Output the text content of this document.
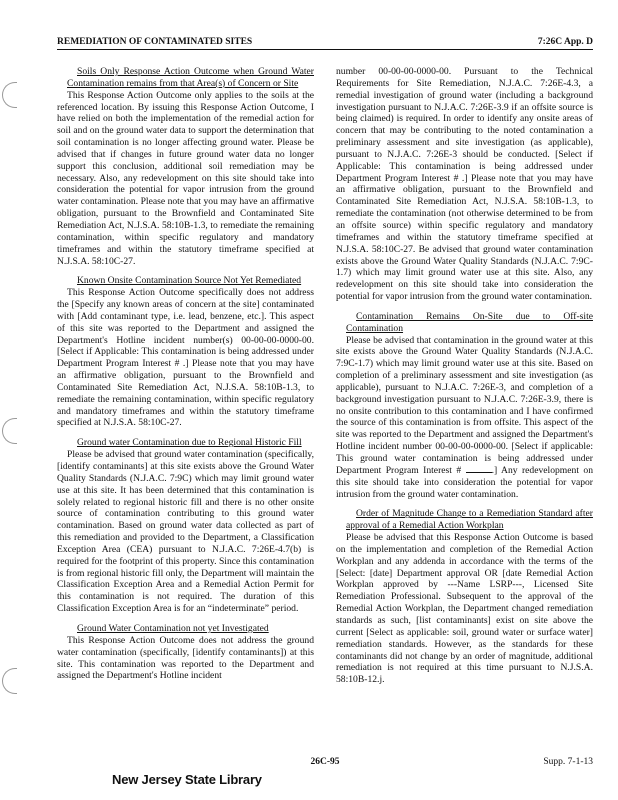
REMEDIATION OF CONTAMINATED SITES	7:26C App. D

Soils Only Response Action Outcome when Ground Water Contamination remains from that Area(s) of Concern or Site

This Response Action Outcome only applies to the soils at the referenced location. By issuing this Response Action Outcome, I have relied on both the implementation of the remedial action for soil and on the ground water data to support the determination that soil contamination is no longer affecting ground water. Please be advised that if changes in future ground water data no longer support this conclusion, additional soil remediation may be necessary. Also, any redevelopment on this site should take into consideration the potential for vapor intrusion from the ground water contamination. Please note that you may have an affirmative obligation, pursuant to the Brownfield and Contaminated Site Remediation Act, N.J.S.A. 58:10B-1.3, to remediate the remaining contamination, within specific regulatory and mandatory timeframes and within the statutory timeframe specified at N.J.S.A. 58:10C-27.

Known Onsite Contamination Source Not Yet Remediated

This Response Action Outcome specifically does not address the [Specify any known areas of concern at the site] contaminated with [Add contaminant type, i.e. lead, benzene, etc.]. This aspect of this site was reported to the Department and assigned the Department's Hotline incident number(s) 00-00-00-0000-00. [Select if Applicable: This contamination is being addressed under Department Program Interest # .] Please note that you may have an affirmative obligation, pursuant to the Brownfield and Contaminated Site Remediation Act, N.J.S.A. 58:10B-1.3, to remediate the remaining contamination, within specific regulatory and mandatory timeframes and within the statutory timeframe specified at N.J.S.A. 58:10C-27.

Ground water Contamination due to Regional Historic Fill

Please be advised that ground water contamination (specifically, [identify contaminants] at this site exists above the Ground Water Quality Standards (N.J.A.C. 7:9C) which may limit ground water use at this site. It has been determined that this contamination is solely related to regional historic fill and there is no other onsite source of contamination contributing to this ground water contamination. Based on ground water data collected as part of this remediation and provided to the Department, a Classification Exception Area (CEA) pursuant to N.J.A.C. 7:26E-4.7(b) is required for the footprint of this property. Since this contamination is from regional historic fill only, the Department will maintain the Classification Exception Area and a Remedial Action Permit for this contamination is not required. The duration of this Classification Exception Area is for an “indeterminate” period.

Ground Water Contamination not yet Investigated

This Response Action Outcome does not address the ground water contamination (specifically, [identify contaminants]) at this site. This contamination was reported to the Department and assigned the Department's Hotline incident

number 00-00-00-0000-00. Pursuant to the Technical Requirements for Site Remediation, N.J.A.C. 7:26E-4.3, a remedial investigation of ground water (including a background investigation pursuant to N.J.A.C. 7:26E-3.9 if an offsite source is being claimed) is required. In order to identify any onsite areas of concern that may be contributing to the noted contamination a preliminary assessment and site investigation (as applicable), pursuant to N.J.A.C. 7:26E-3 should be conducted. [Select if Applicable: This contamination is being addressed under Department Program Interest # .] Please note that you may have an affirmative obligation, pursuant to the Brownfield and Contaminated Site Remediation Act, N.J.S.A. 58:10B-1.3, to remediate the contamination (not otherwise determined to be from an offsite source) within specific regulatory and mandatory timeframes and within the statutory timeframe specified at N.J.S.A. 58:10C-27. Be advised that ground water contamination exists above the Ground Water Quality Standards (N.J.A.C. 7:9C-1.7) which may limit ground water use at this site. Also, any redevelopment on this site should take into consideration the potential for vapor intrusion from the ground water contamination.

Contamination Remains On-Site due to Off-site Contamination

Please be advised that contamination in the ground water at this site exists above the Ground Water Quality Standards (N.J.A.C. 7:9C-1.7) which may limit ground water use at this site. Based on completion of a preliminary assessment and site investigation (as applicable), pursuant to N.J.A.C. 7:26E-3, and completion of a background investigation pursuant to N.J.A.C. 7:26E-3.9, there is no onsite contribution to this contamination and I have confirmed the source of this contamination is from offsite. This aspect of the site was reported to the Department and assigned the Department's Hotline incident number 00-00-00-0000-00. [Select if applicable: This ground water contamination is being addressed under Department Program Interest #	.] Any redevelopment on this site should take into consideration the potential for vapor intrusion from the ground water contamination.

Order of Magnitude Change to a Remediation Standard after approval of a Remedial Action Workplan

Please be advised that this Response Action Outcome is based on the implementation and completion of the Remedial Action Workplan and any addenda in accordance with the terms of the [Select: [date] Department approval OR [date Remedial Action Workplan approved by ---Name LSRP---, Licensed Site Remediation Professional. Subsequent to the approval of the Remedial Action Workplan, the Department changed remediation standards as such, [list contaminants] exist on site above the current [Select as applicable: soil, ground water or surface water] remediation standards. However, as the standards for these contaminants did not change by an order of magnitude, additional remediation is not required at this time pursuant to N.J.S.A. 58:10B-12.j.

26C-95	Supp. 7-1-13
New Jersey State Library
